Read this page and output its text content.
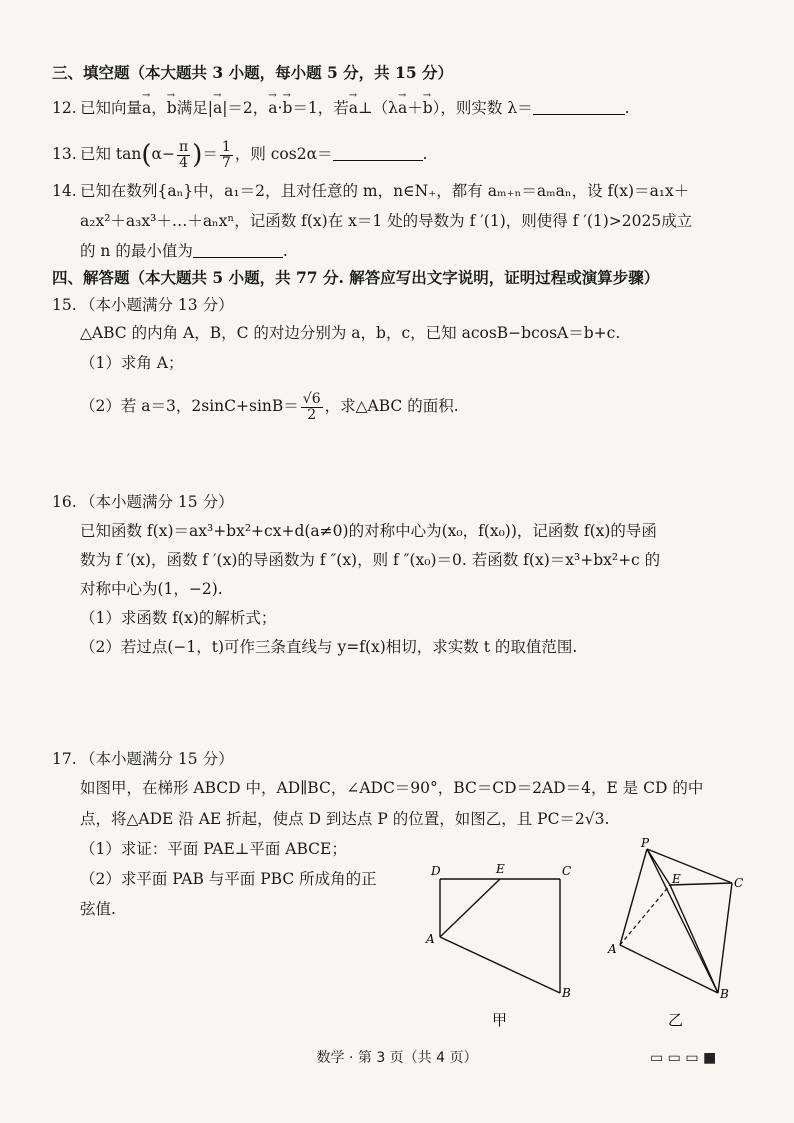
三、填空题（本大题共 3 小题，每小题 5 分，共 15 分）
12. 已知向量→ a，→ b满足|→ a|＝2，→ a·→ b＝1，若→ a⊥（λ→ a＋→ b），则实数 λ＝	.
13. 已知 $\tan(\alpha- \frac{\pi}{4}$ )＝ $\frac{1}{7}$ ，则 cos2α＝	.
14. 已知在数列{aₙ}中，a₁＝2，且对任意的 m，n∈N₊，都有 aₘ₊ₙ＝aₘaₙ，设 f(x)＝a₁x＋
a₂x²＋a₃x³＋…＋aₙxⁿ，记函数 f(x)在 x＝1 处的导数为 f ′(1)，则使得 f ′(1)>2025成立
的 n 的最小值为	.
四、解答题（本大题共 5 小题，共 77 分. 解答应写出文字说明，证明过程或演算步骤）
15. （本小题满分 13 分）
△ABC 的内角 A，B，C 的对边分别为 a，b，c，已知 acosB−bcosA＝b+c.
（1）求角 A；
（2）若 a＝3，$2\sin C+\sin B= \frac{√6}{2}$ ，求△ABC 的面积.
16. （本小题满分 15 分）
已知函数 f(x)＝ax³+bx²+cx+d(a≠0)的对称中心为(x₀，f(x₀))，记函数 f(x)的导函
数为 f ′(x)，函数 f ′(x)的导函数为 f ″(x)，则 f ″(x₀)＝0. 若函数 f(x)＝x³+bx²+c 的
对称中心为(1，−2).
（1）求函数 f(x)的解析式；
（2）若过点(−1，t)可作三条直线与 y=f(x)相切，求实数 t 的取值范围.
17. （本小题满分 15 分）
如图甲，在梯形 ABCD 中，AD∥BC，∠ADC＝90°，BC＝CD＝2AD＝4，E 是 CD 的中
点，将△ADE 沿 AE 折起，使点 D 到达点 P 的位置，如图乙，且 PC＝2√3.
（1）求证：平面 PAE⊥平面 ABCE；
（2）求平面 PAB 与平面 PBC 所成角的正
弦值.
D	E	C
A
B
甲
P
E	C
A
B
乙
数学 · 第 3 页（共 4 页）	▭ ▭ ▭ ■
